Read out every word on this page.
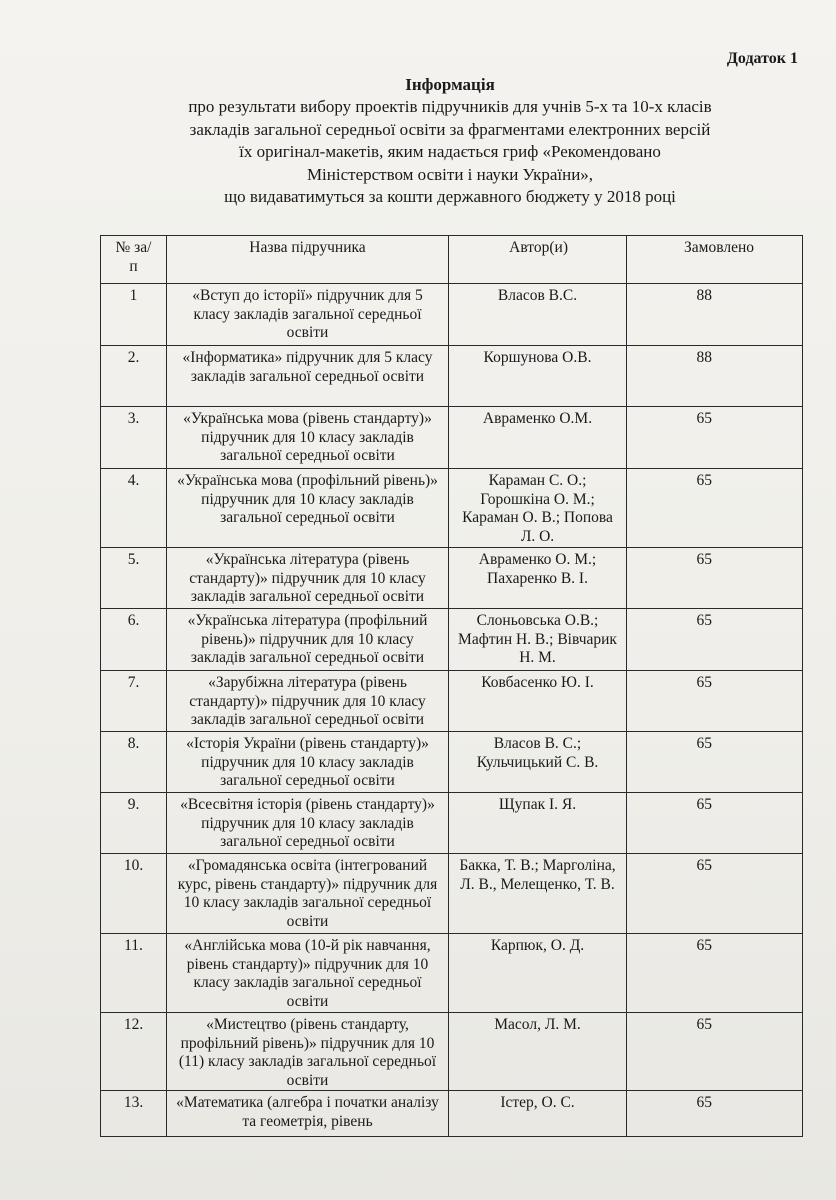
Додаток 1
Інформація
про результати вибору проектів підручників для учнів 5-х та 10-х класів
закладів загальної середньої освіти за фрагментами електронних версій
їх оригінал-макетів, яким надається гриф «Рекомендовано
Міністерством освіти і науки України»,
що видаватимуться за кошти державного бюджету у 2018 році
№ за/п	Назва підручника	Автор(и)	Замовлено
1	«Вступ до історії» підручник для 5 класу закладів загальної середньої освіти	Власов В.С.	88
2.	«Інформатика» підручник для 5 класу закладів загальної середньої освіти	Коршунова О.В.	88
3.	«Українська мова (рівень стандарту)» підручник для 10 класу закладів загальної середньої освіти	Авраменко О.М.	65
4.	«Українська мова (профільний рівень)» підручник для 10 класу закладів загальної середньої освіти	Караман С. О.; Горошкіна О. М.; Караман О. В.; Попова Л. О.	65
5.	«Українська література (рівень стандарту)» підручник для 10 класу закладів загальної середньої освіти	Авраменко О. М.; Пахаренко В. І.	65
6.	«Українська література (профільний рівень)» підручник для 10 класу закладів загальної середньої освіти	Слоньовська О.В.; Мафтин Н. В.; Вівчарик Н. М.	65
7.	«Зарубіжна література (рівень стандарту)» підручник для 10 класу закладів загальної середньої освіти	Ковбасенко Ю. І.	65
8.	«Історія України (рівень стандарту)» підручник для 10 класу закладів загальної середньої освіти	Власов В. С.; Кульчицький С. В.	65
9.	«Всесвітня історія (рівень стандарту)» підручник для 10 класу закладів загальної середньої освіти	Щупак І. Я.	65
10.	«Громадянська освіта (інтегрований курс, рівень стандарту)» підручник для 10 класу закладів загальної середньої освіти	Бакка, Т. В.; Марголіна, Л. В., Мелещенко, Т. В.	65
11.	«Англійська мова (10-й рік навчання, рівень стандарту)» підручник для 10 класу закладів загальної середньої освіти	Карпюк, О. Д.	65
12.	«Мистецтво (рівень стандарту, профільний рівень)» підручник для 10 (11) класу закладів загальної середньої освіти	Масол, Л. М.	65
13.	«Математика (алгебра і початки аналізу та геометрія, рівень	Істер, О. С.	65
